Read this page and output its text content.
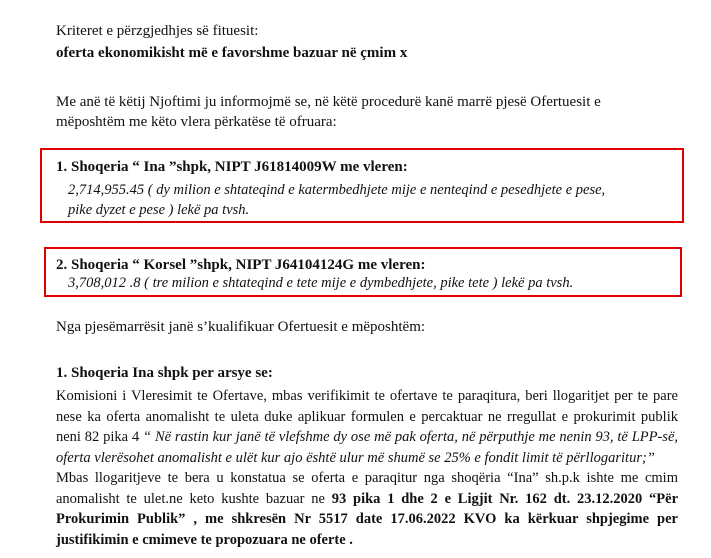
Kriteret e përzgjedhjes së fituesit:
oferta ekonomikisht më e favorshme bazuar në çmim x
Me anë të këtij Njoftimi ju informojmë se, në këtë procedurë kanë marrë pjesë Ofertuesit e
mëposhtëm me këto vlera përkatëse të ofruara:
1. Shoqeria “ Ina ”shpk, NIPT J61814009W me vleren:
2,714,955.45 ( dy milion e shtateqind e katermbedhjete mije e nenteqind e pesedhjete e pese,
pike dyzet e pese ) lekë pa tvsh.
2. Shoqeria “ Korsel ”shpk, NIPT J64104124G me vleren:
3,708,012 .8 ( tre milion e shtateqind e tete mije e dymbedhjete, pike tete ) lekë pa tvsh.
Nga pjesëmarrësit janë s’kualifikuar Ofertuesit e mëposhtëm:
1. Shoqeria Ina shpk per arsye se:
Komisioni i Vleresimit te Ofertave, mbas verifikimit te ofertave te paraqitura, beri llogaritjet per te pare nese ka oferta anomalisht te uleta duke aplikuar formulen e percaktuar ne rregullat e prokurimit publik neni 82 pika 4 “ Në rastin kur janë të vlefshme dy ose më pak oferta, në përputhje me nenin 93, të LPP-së, oferta vlerësohet anomalisht e ulët kur ajo është ulur më shumë se 25% e fondit limit të përllogaritur;”
Mbas llogaritjeve te bera u konstatua se oferta e paraqitur nga shoqëria “Ina” sh.p.k ishte me cmim anomalisht te ulet.ne keto kushte bazuar ne 93 pika 1 dhe 2 e Ligjit Nr. 162 dt. 23.12.2020 “Për Prokurimin Publik” , me shkresën Nr 5517 date 17.06.2022 KVO ka kërkuar shpjegime per justifikimin e cmimeve te propozuara ne oferte .
